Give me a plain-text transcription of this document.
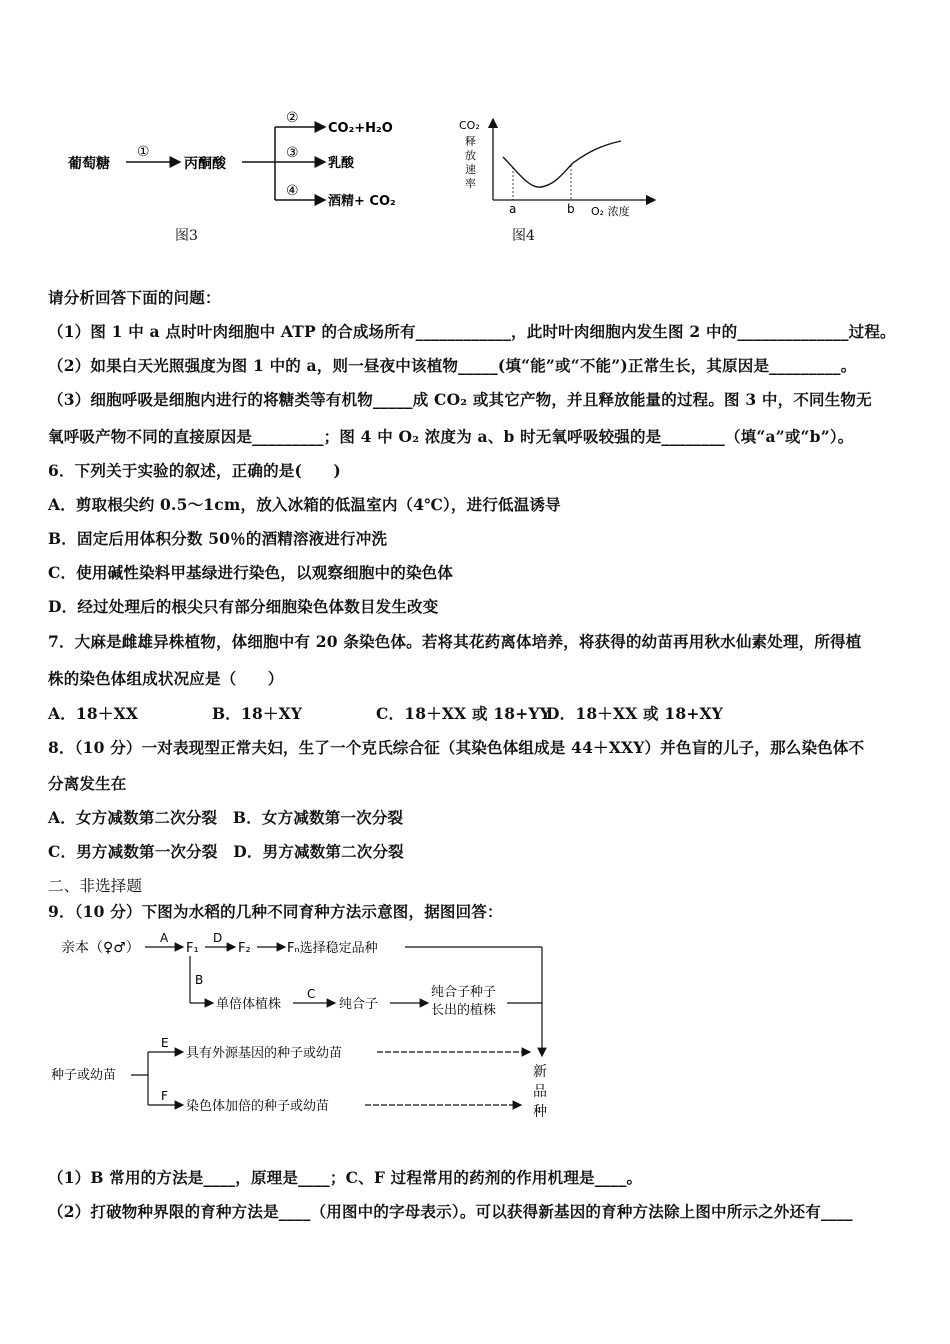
葡萄糖
①
丙酮酸
②
③
④
CO₂+H₂O
乳酸
酒精+ CO₂
图3
CO₂
释
放
速
率
a	b O₂ 浓度
图4
请分析回答下面的问题：
（1）图 1 中 a 点时叶肉细胞中 ATP 的合成场所有____________，此时叶肉细胞内发生图 2 中的______________过程。
（2）如果白天光照强度为图 1 中的 a，则一昼夜中该植物_____(填“能”或“不能”)正常生长，其原因是_________。
（3）细胞呼吸是细胞内进行的将糖类等有机物_____成 CO₂ 或其它产物，并且释放能量的过程。图 3 中，不同生物无
氧呼吸产物不同的直接原因是_________；图 4 中 O₂ 浓度为 a、b 时无氧呼吸较强的是________（填“a”或“b”）。
6．下列关于实验的叙述，正确的是(　　)
A．剪取根尖约 0.5～1cm，放入冰箱的低温室内（4℃），进行低温诱导
B．固定后用体积分数 50％的酒精溶液进行冲洗
C．使用碱性染料甲基绿进行染色，以观察细胞中的染色体
D．经过处理后的根尖只有部分细胞染色体数目发生改变
7．大麻是雌雄异株植物，体细胞中有 20 条染色体。若将其花药离体培养，将获得的幼苗再用秋水仙素处理，所得植
株的染色体组成状况应是（　　）
A．18＋XX	B．18＋XY	C．18＋XX 或 18+YY
D．18＋XX 或 18+XY
8．（10 分）一对表现型正常夫妇，生了一个克氏综合征（其染色体组成是 44＋XXY）并色盲的儿子，那么染色体不
分离发生在
A．女方减数第二次分裂　B．女方减数第一次分裂
C．男方减数第一次分裂　D．男方减数第二次分裂
二、非选择题
9．（10 分）下图为水稻的几种不同育种方法示意图，据图回答：
亲本（♀♂）
A
F₁
D
F₂	Fₙ选择稳定品种
B
单倍体植株
C
纯合子
纯合子种子
长出的植株
种子或幼苗
E
具有外源基因的种子或幼苗
F
染色体加倍的种子或幼苗
新
品
种
（1）B 常用的方法是____，原理是____；C、F 过程常用的药剂的作用机理是____。
（2）打破物种界限的育种方法是____（用图中的字母表示）。可以获得新基因的育种方法除上图中所示之外还有____
